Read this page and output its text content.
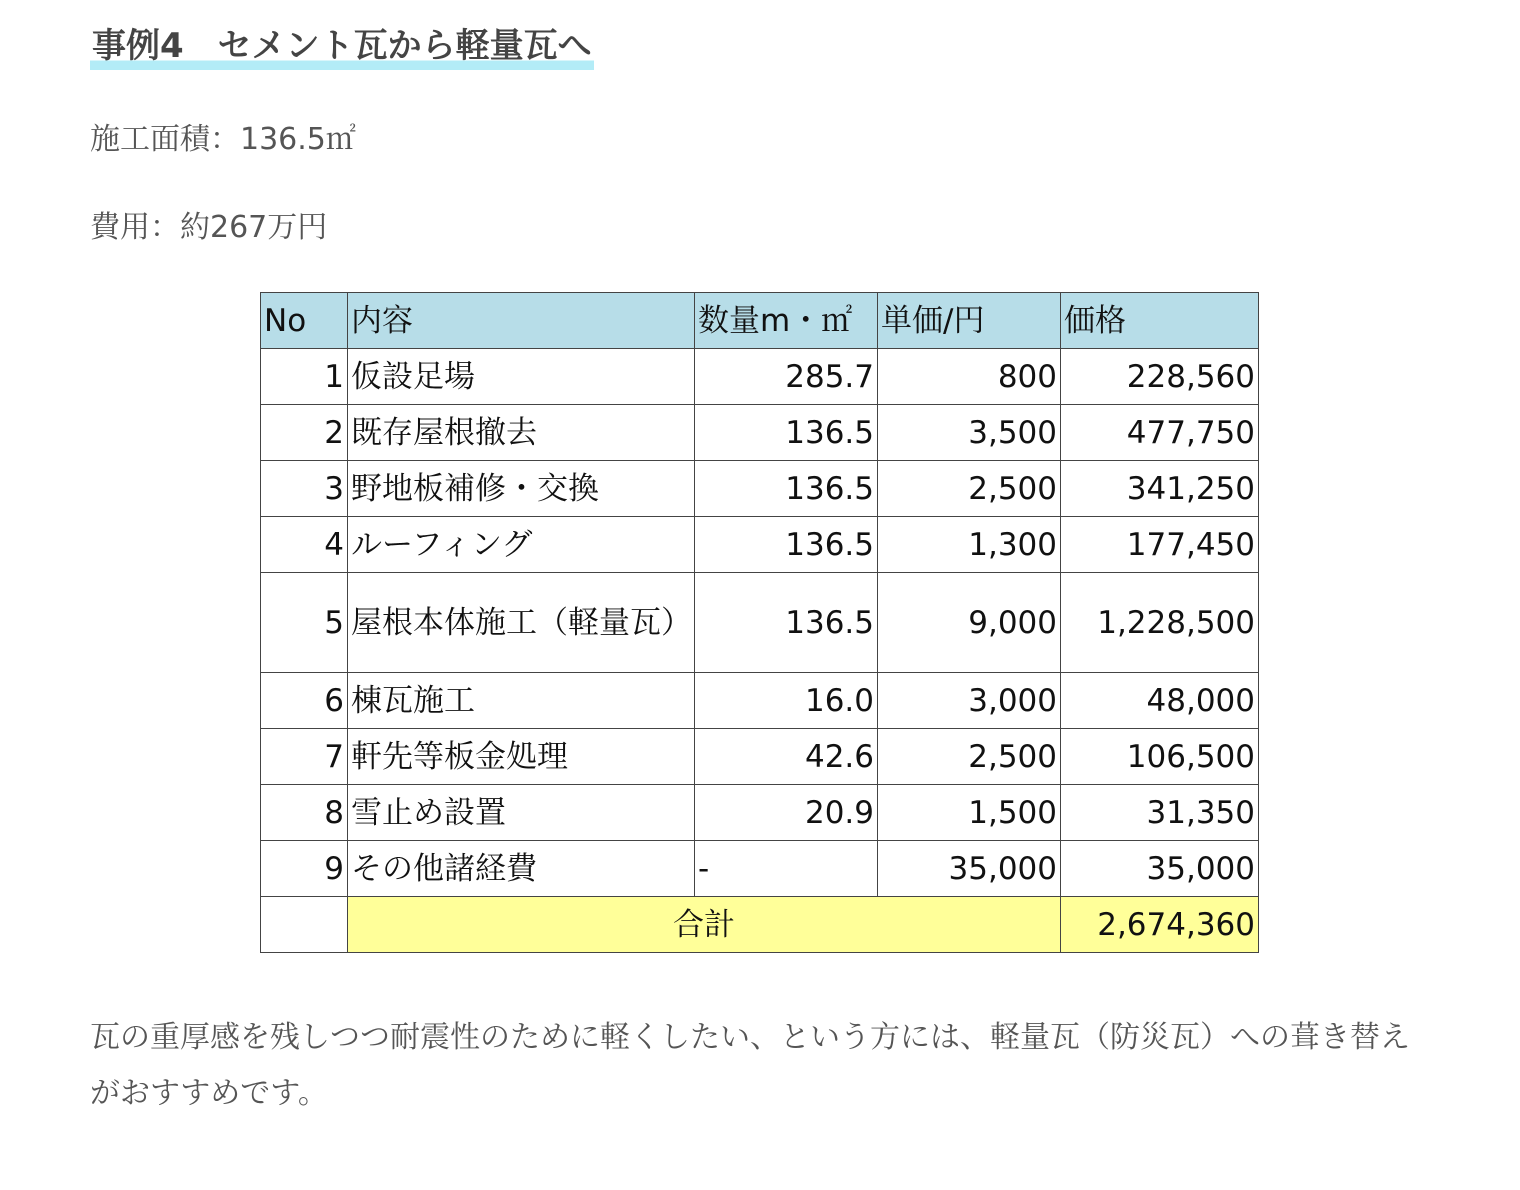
事例4　セメント瓦から軽量瓦へ

施工面積：136.5㎡

費用：約267万円

No	内容	数量m・㎡	単価/円	価格
1	仮設足場	285.7	800	228,560
2	既存屋根撤去	136.5	3,500	477,750
3	野地板補修・交換	136.5	2,500	341,250
4	ルーフィング	136.5	1,300	177,450
5	屋根本体施工（軽量瓦）	136.5	9,000	1,228,500
6	棟瓦施工	16.0	3,000	48,000
7	軒先等板金処理	42.6	2,500	106,500
8	雪止め設置	20.9	1,500	31,350
9	その他諸経費	-	35,000	35,000
	合計			2,674,360

瓦の重厚感を残しつつ耐震性のために軽くしたい、という方には、軽量瓦（防災瓦）への葺き替えがおすすめです。
